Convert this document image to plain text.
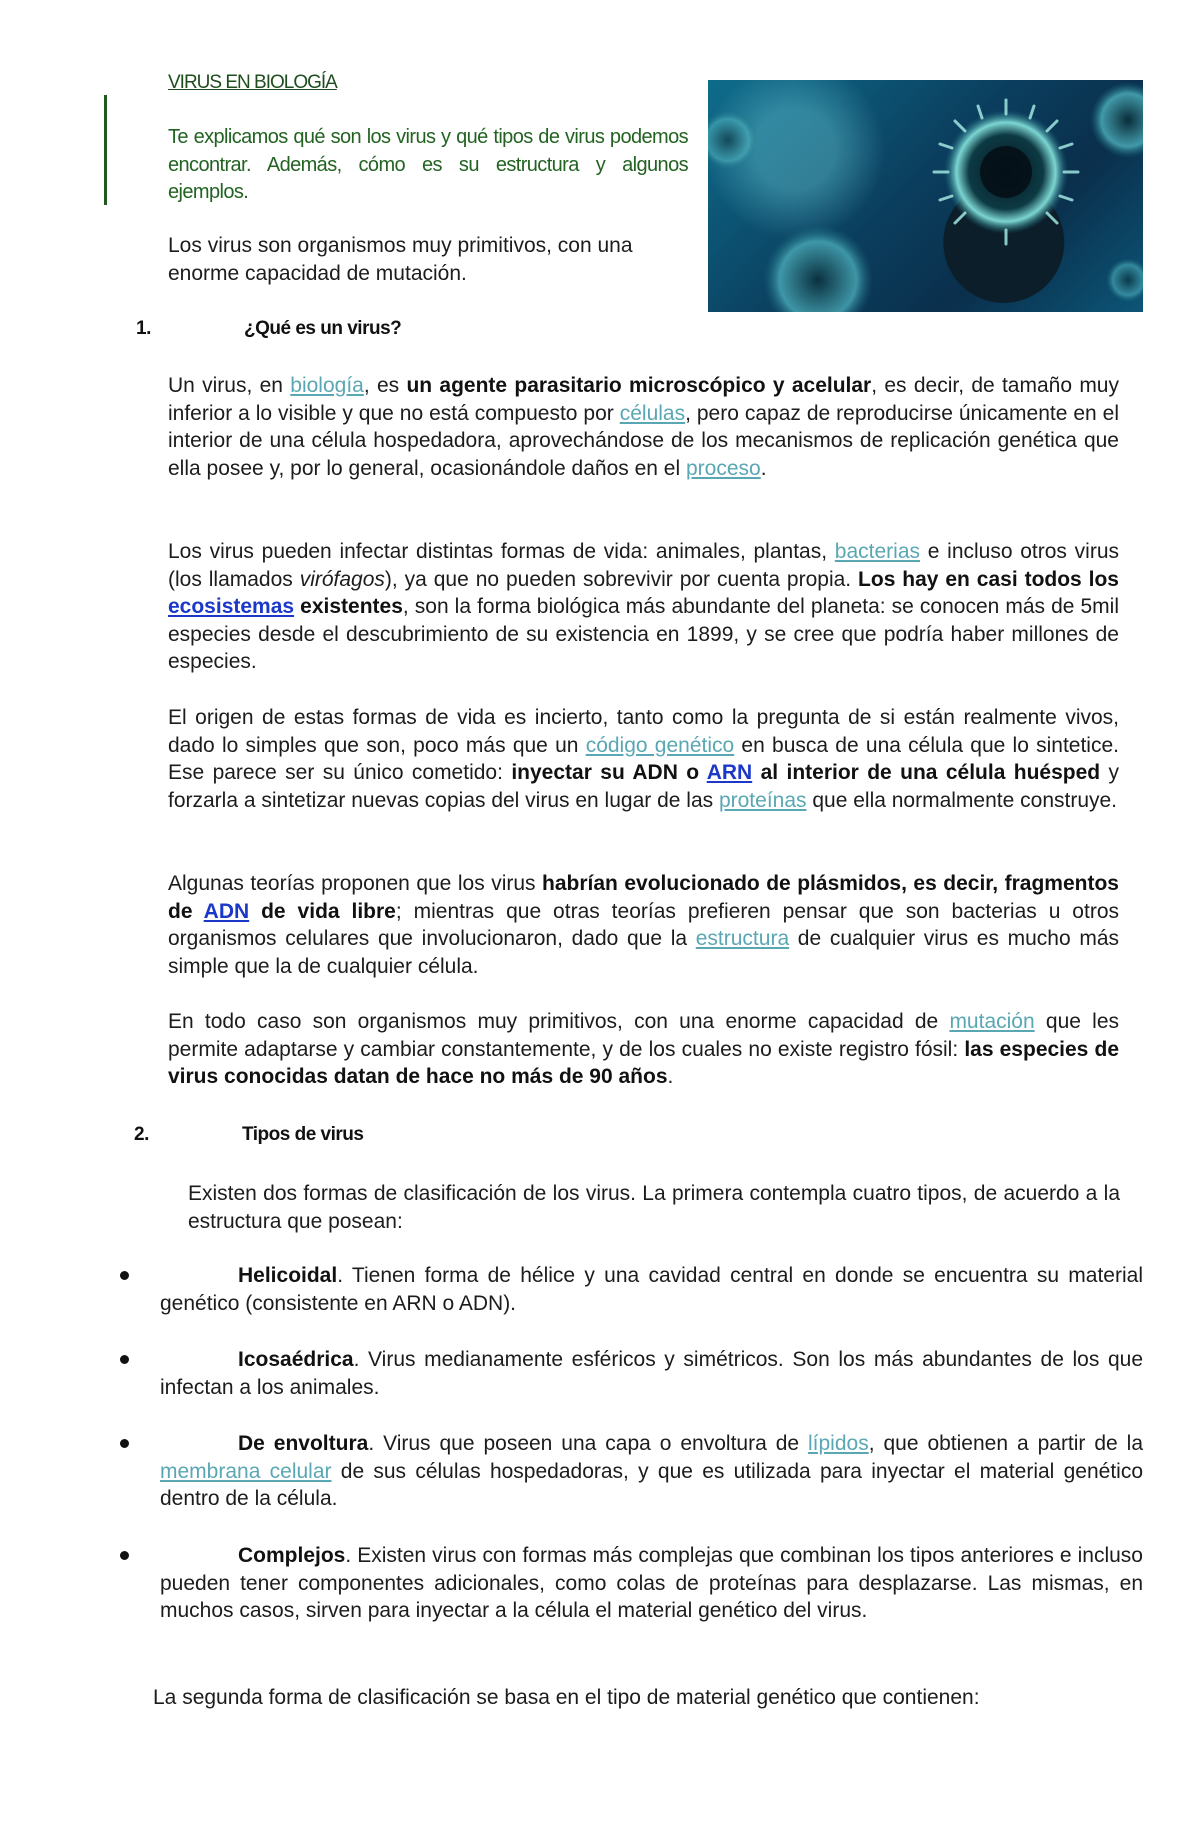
VIRUS EN BIOLOGÍA

Te explicamos qué son los virus y qué tipos de virus podemos encontrar. Además, cómo es su estructura y algunos ejemplos.

Los virus son organismos muy primitivos, con una enorme capacidad de mutación.

1.	¿Qué es un virus?

Un virus, en biología, es un agente parasitario microscópico y acelular, es decir, de tamaño muy inferior a lo visible y que no está compuesto por células, pero capaz de reproducirse únicamente en el interior de una célula hospedadora, aprovechándose de los mecanismos de replicación genética que ella posee y, por lo general, ocasionándole daños en el proceso.

Los virus pueden infectar distintas formas de vida: animales, plantas, bacterias e incluso otros virus (los llamados virófagos), ya que no pueden sobrevivir por cuenta propia. Los hay en casi todos los ecosistemas existentes, son la forma biológica más abundante del planeta: se conocen más de 5mil especies desde el descubrimiento de su existencia en 1899, y se cree que podría haber millones de especies.

El origen de estas formas de vida es incierto, tanto como la pregunta de si están realmente vivos, dado lo simples que son, poco más que un código genético en busca de una célula que lo sintetice. Ese parece ser su único cometido: inyectar su ADN o ARN al interior de una célula huésped y forzarla a sintetizar nuevas copias del virus en lugar de las proteínas que ella normalmente construye.

Algunas teorías proponen que los virus habrían evolucionado de plásmidos, es decir, fragmentos de ADN de vida libre; mientras que otras teorías prefieren pensar que son bacterias u otros organismos celulares que involucionaron, dado que la estructura de cualquier virus es mucho más simple que la de cualquier célula.

En todo caso son organismos muy primitivos, con una enorme capacidad de mutación que les permite adaptarse y cambiar constantemente, y de los cuales no existe registro fósil: las especies de virus conocidas datan de hace no más de 90 años.

2.	Tipos de virus

Existen dos formas de clasificación de los virus. La primera contempla cuatro tipos, de acuerdo a la estructura que posean:

Helicoidal. Tienen forma de hélice y una cavidad central en donde se encuentra su material genético (consistente en ARN o ADN).

Icosaédrica. Virus medianamente esféricos y simétricos. Son los más abundantes de los que infectan a los animales.

De envoltura. Virus que poseen una capa o envoltura de lípidos, que obtienen a partir de la membrana celular de sus células hospedadoras, y que es utilizada para inyectar el material genético dentro de la célula.

Complejos. Existen virus con formas más complejas que combinan los tipos anteriores e incluso pueden tener componentes adicionales, como colas de proteínas para desplazarse. Las mismas, en muchos casos, sirven para inyectar a la célula el material genético del virus.

La segunda forma de clasificación se basa en el tipo de material genético que contienen:
